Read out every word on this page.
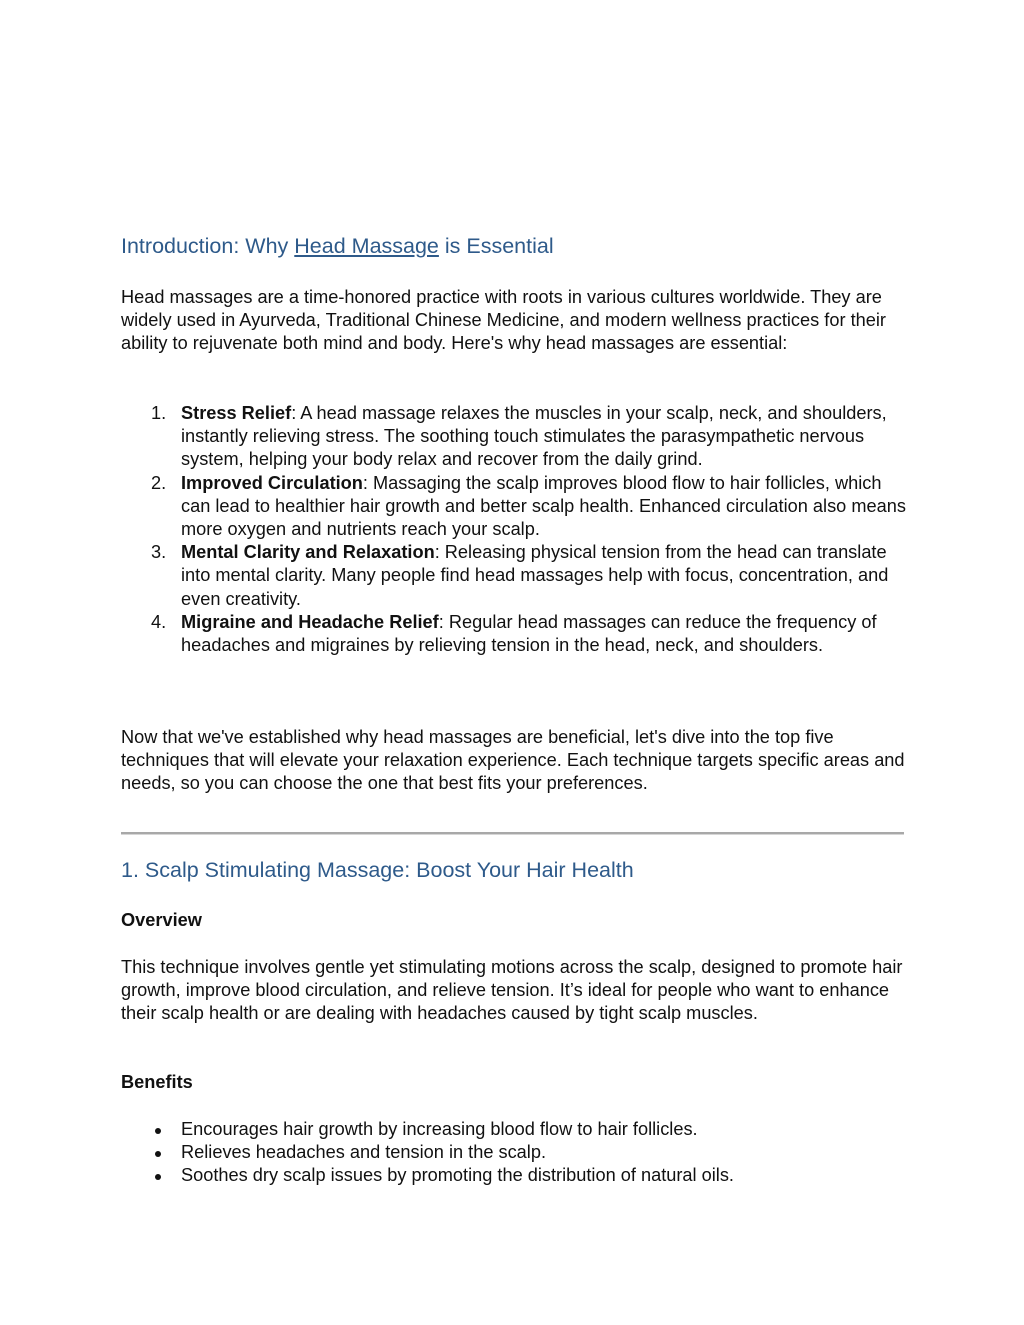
Introduction: Why Head Massage is Essential

Head massages are a time-honored practice with roots in various cultures worldwide. They are widely used in Ayurveda, Traditional Chinese Medicine, and modern wellness practices for their ability to rejuvenate both mind and body. Here's why head massages are essential:

1. Stress Relief: A head massage relaxes the muscles in your scalp, neck, and shoulders, instantly relieving stress. The soothing touch stimulates the parasympathetic nervous system, helping your body relax and recover from the daily grind.
2. Improved Circulation: Massaging the scalp improves blood flow to hair follicles, which can lead to healthier hair growth and better scalp health. Enhanced circulation also means more oxygen and nutrients reach your scalp.
3. Mental Clarity and Relaxation: Releasing physical tension from the head can translate into mental clarity. Many people find head massages help with focus, concentration, and even creativity.
4. Migraine and Headache Relief: Regular head massages can reduce the frequency of headaches and migraines by relieving tension in the head, neck, and shoulders.

Now that we've established why head massages are beneficial, let's dive into the top five techniques that will elevate your relaxation experience. Each technique targets specific areas and needs, so you can choose the one that best fits your preferences.

1. Scalp Stimulating Massage: Boost Your Hair Health

Overview

This technique involves gentle yet stimulating motions across the scalp, designed to promote hair growth, improve blood circulation, and relieve tension. It’s ideal for people who want to enhance their scalp health or are dealing with headaches caused by tight scalp muscles.

Benefits

Encourages hair growth by increasing blood flow to hair follicles.
Relieves headaches and tension in the scalp.
Soothes dry scalp issues by promoting the distribution of natural oils.
